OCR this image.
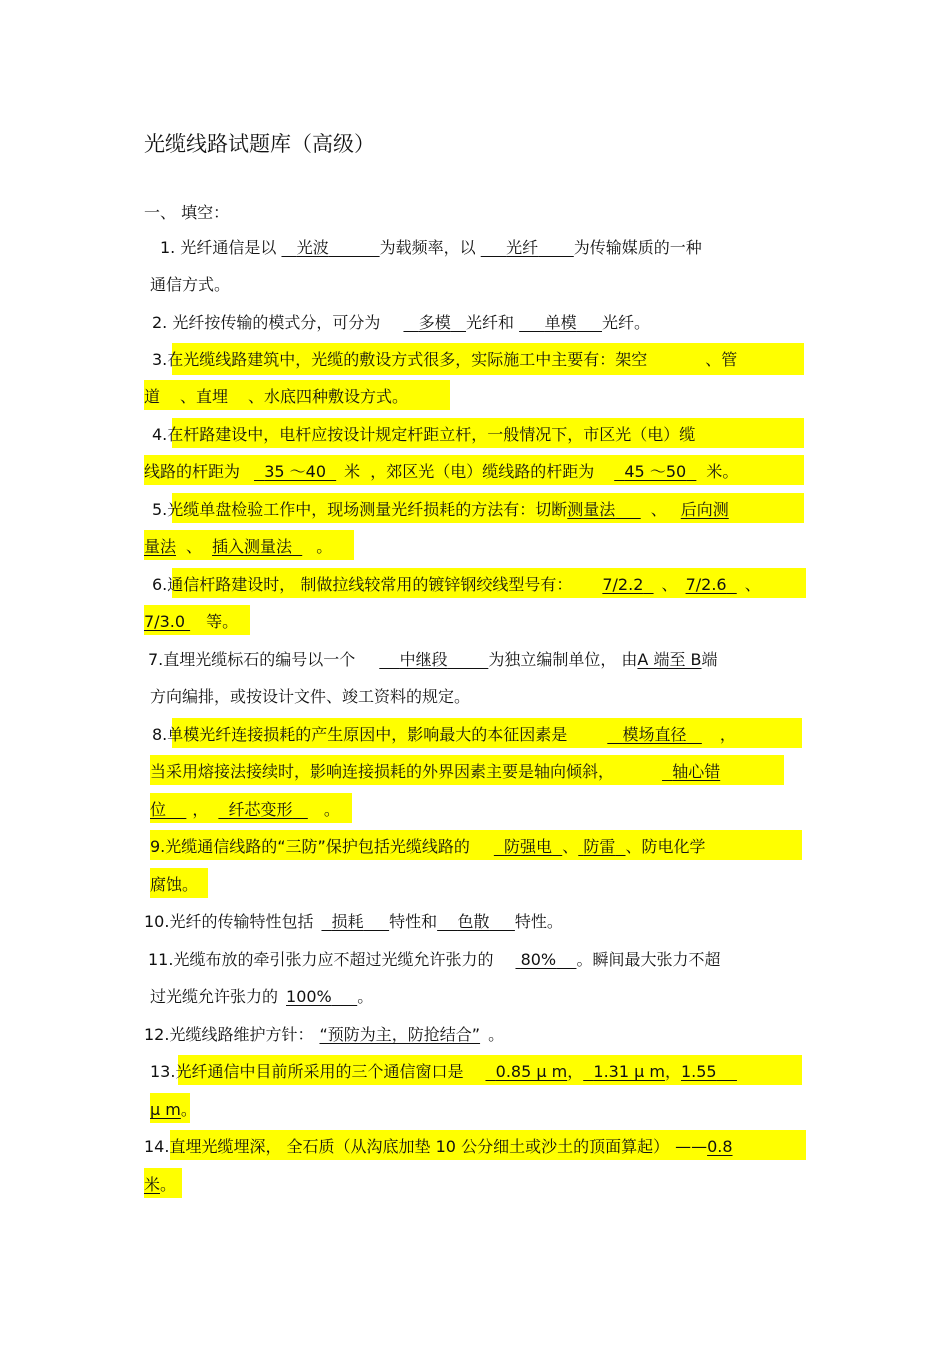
光缆线路试题库（高级）
一、 填空：
1. 光纤通信是以 光波	为载频率，以 光纤 为传输媒质的一种
通信方式。
2. 光纤按传输的模式分，可分为 多模 光纤和 单模 光纤。
3.在光缆线路建筑中，光缆的敷设方式很多，实际施工中主要有：架空	、管
道 、直埋 、水底四种敷设方式。
4.在杆路建设中，电杆应按设计规定杆距立杆，一般情况下，市区光（电）缆
线路的杆距为 35 ～40 米 ，郊区光（电）缆线路的杆距为 45 ～50 米。
5.光缆单盘检验工作中，现场测量光纤损耗的方法有：切断测量法 、 后向测
量法 、 插入测量法 。
6.通信杆路建设时， 制做拉线较常用的镀锌钢绞线型号有： 7/2.2 、 7/2.6 、
7/3.0 等。
7.直埋光缆标石的编号以一个	中继段	为独立编制单位， 由A 端至 B端
方向编排，或按设计文件、竣工资料的规定。
8.单模光纤连接损耗的产生原因中，影响最大的本征因素是	模场直径 ，
当采用熔接法接续时，影响连接损耗的外界因素主要是轴向倾斜，	轴心错
位 ， 纤芯变形 。
9.光缆通信线路的“三防”保护包括光缆线路的 防强电 、 防雷 、防电化学
腐蚀。
10.光纤的传输特性包括 损耗 特性和 色散 特性。
11.光缆布放的牵引张力应不超过光缆允许张力的 80% 。瞬间最大张力不超
过光缆允许张力的 100% 。
12.光缆线路维护方针： “预防为主，防抢结合” 。
13.光纤通信中目前所采用的三个通信窗口是 0.85 μ m， 1.31 μ m，1.55
μ m。
14.直埋光缆埋深， 全石质（从沟底加垫 10 公分细土或沙土的顶面算起） ——0.8
米。
